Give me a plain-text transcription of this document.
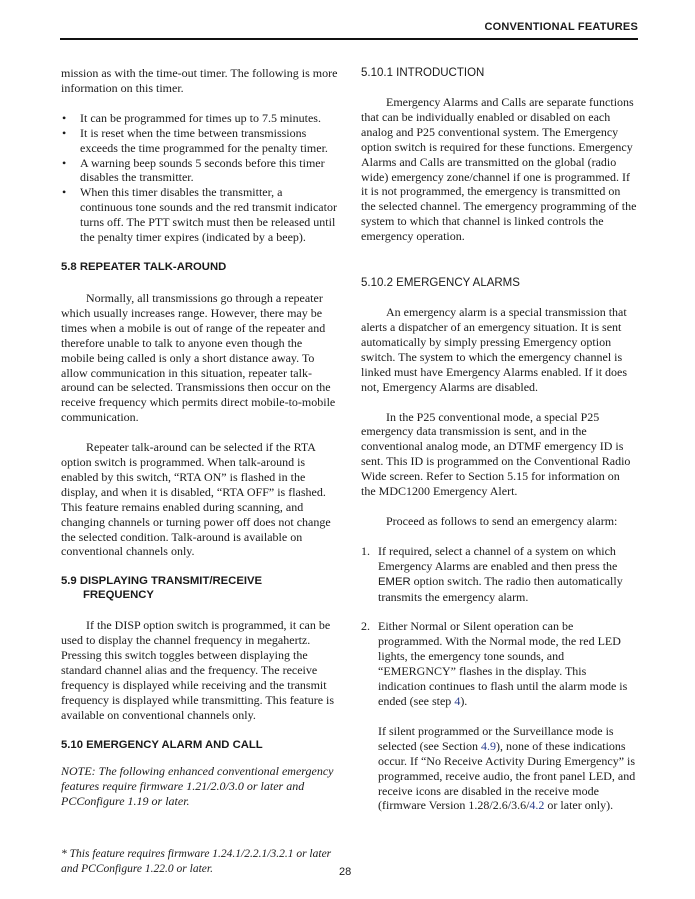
CONVENTIONAL FEATURES

mission as with the time-out timer. The following is more information on this timer.

• It can be programmed for times up to 7.5 minutes.
• It is reset when the time between transmissions exceeds the time programmed for the penalty timer.
• A warning beep sounds 5 seconds before this timer disables the transmitter.
• When this timer disables the transmitter, a continuous tone sounds and the red transmit indicator turns off. The PTT switch must then be released until the penalty timer expires (indicated by a beep).
5.8 REPEATER TALK-AROUND

Normally, all transmissions go through a repeater which usually increases range. However, there may be times when a mobile is out of range of the repeater and therefore unable to talk to anyone even though the mobile being called is only a short distance away. To allow communication in this situation, repeater talk-around can be selected. Transmissions then occur on the receive frequency which permits direct mobile-to-mobile communication.

Repeater talk-around can be selected if the RTA option switch is programmed. When talk-around is enabled by this switch, “RTA ON” is flashed in the display, and when it is disabled, “RTA OFF” is flashed. This feature remains enabled during scanning, and changing channels or turning power off does not change the selected condition. Talk-around is available on conventional channels only.

5.9 DISPLAYING TRANSMIT/RECEIVE
FREQUENCY

If the DISP option switch is programmed, it can be used to display the channel frequency in megahertz. Pressing this switch toggles between displaying the standard channel alias and the frequency. The receive frequency is displayed while receiving and the transmit frequency is displayed while transmitting. This feature is available on conventional channels only.

5.10 EMERGENCY ALARM AND CALL

NOTE: The following enhanced conventional emergency features require firmware 1.21/2.0/3.0 or later and PCConfigure 1.19 or later.

5.10.1 INTRODUCTION

Emergency Alarms and Calls are separate functions that can be individually enabled or disabled on each analog and P25 conventional system. The Emergency option switch is required for these functions. Emergency Alarms and Calls are transmitted on the global (radio wide) emergency zone/channel if one is programmed. If it is not programmed, the emergency is transmitted on the selected channel. The emergency programming of the system to which that channel is linked controls the emergency operation.

5.10.2 EMERGENCY ALARMS

An emergency alarm is a special transmission that alerts a dispatcher of an emergency situation. It is sent automatically by simply pressing Emergency option switch. The system to which the emergency channel is linked must have Emergency Alarms enabled. If it does not, Emergency Alarms are disabled.

In the P25 conventional mode, a special P25 emergency data transmission is sent, and in the conventional analog mode, an DTMF emergency ID is sent. This ID is programmed on the Conventional Radio Wide screen. Refer to Section 5.15 for information on the MDC1200 Emergency Alert.

Proceed as follows to send an emergency alarm:

1. If required, select a channel of a system on which Emergency Alarms are enabled and then press the EMER option switch. The radio then automatically transmits the emergency alarm.
2. Either Normal or Silent operation can be programmed. With the Normal mode, the red LED lights, the emergency tone sounds, and “EMERGNCY” flashes in the display. This indication continues to flash until the alarm mode is ended (see step 4).

If silent programmed or the Surveillance mode is selected (see Section 4.9), none of these indications occur. If “No Receive Activity During Emergency” is programmed, receive audio, the front panel LED, and receive icons are disabled in the receive mode (firmware Version 1.28/2.6/3.6/4.2 or later only).

* This feature requires firmware 1.24.1/2.2.1/3.2.1 or later and PCConfigure 1.22.0 or later.	28
